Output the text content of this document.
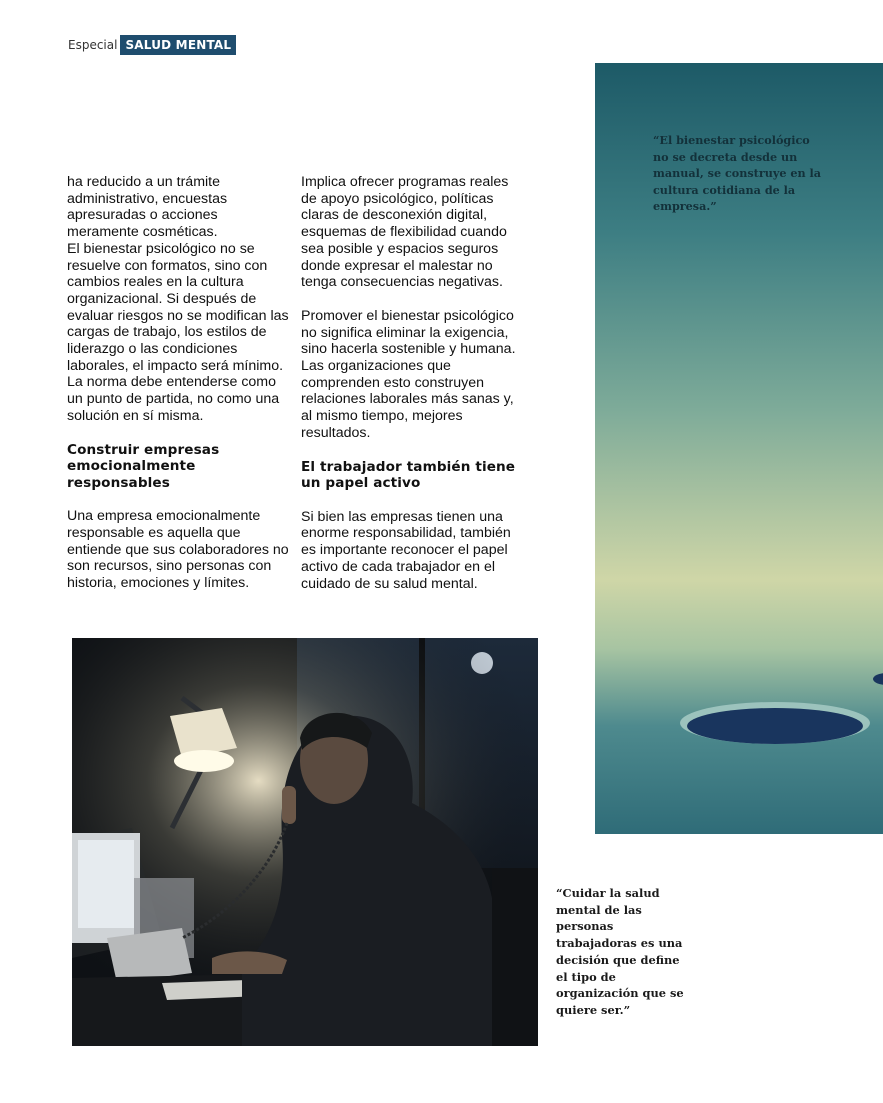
Especial SALUD MENTAL

ha reducido a un trámite administrativo, encuestas apresuradas o acciones meramente cosméticas.

El bienestar psicológico no se resuelve con formatos, sino con cambios reales en la cultura organizacional. Si después de evaluar riesgos no se modifican las cargas de trabajo, los estilos de liderazgo o las condiciones laborales, el impacto será mínimo. La norma debe entenderse como un punto de partida, no como una solución en sí misma.

Construir empresas emocionalmente responsables

Una empresa emocionalmente responsable es aquella que entiende que sus colaboradores no son recursos, sino personas con historia, emociones y límites.

Implica ofrecer programas reales de apoyo psicológico, políticas claras de desconexión digital, esquemas de flexibilidad cuando sea posible y espacios seguros donde expresar el malestar no tenga consecuencias negativas.

Promover el bienestar psicológico no significa eliminar la exigencia, sino hacerla sostenible y humana. Las organizaciones que comprenden esto construyen relaciones laborales más sanas y, al mismo tiempo, mejores resultados.

El trabajador también tiene un papel activo

Si bien las empresas tienen una enorme responsabilidad, también es importante reconocer el papel activo de cada trabajador en el cuidado de su salud mental.

“El bienestar psicológico no se decreta desde un manual, se construye en la cultura cotidiana de la empresa.”
“Cuidar la salud mental de las personas trabajadoras es una decisión que define el tipo de organización que se quiere ser.”
